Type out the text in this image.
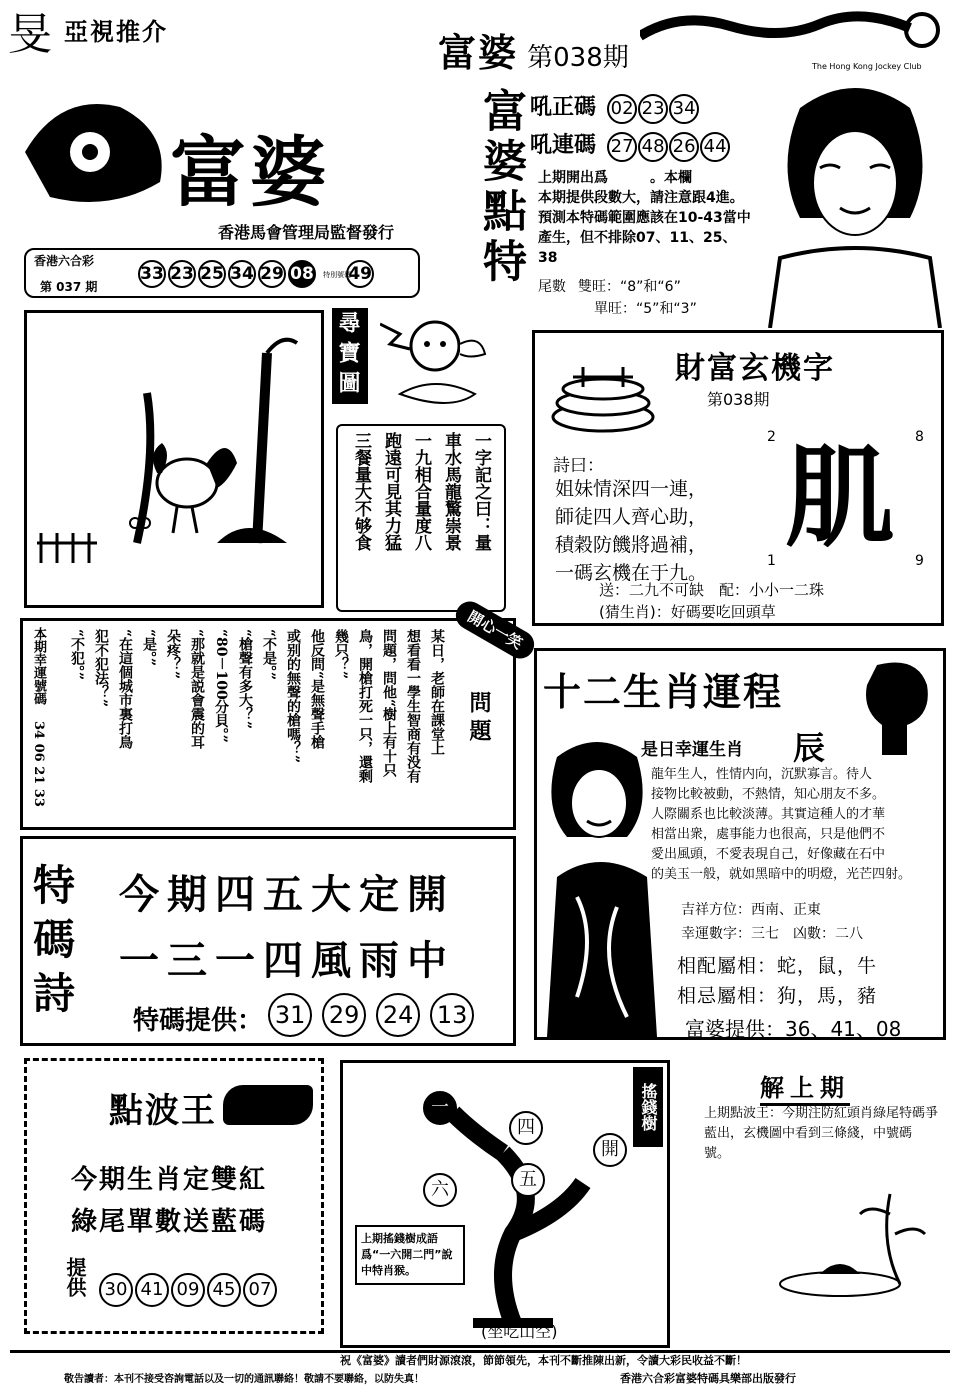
旻 亞視推介	富婆 第038期	The Hong Kong Jockey Club
富婆
香港馬會管理局監督發行
香港六合彩
第 037 期
33 23 25 34 29 08 特別號碼 49 富婆點特 吼正碼 02 23 34
吼連碼 27 48 26 44
上期開出爲　　　。本欄
本期提供段數大，請注意跟4進。
預測本特碼範圍應該在10-43當中
產生，但不排除07、11、25、
38
尾數 雙旺：“8”和“6”
單旺：“5”和“3”
尋寶圖
一字記之曰：量
車水馬龍驚崇景
一九相合量度八
跑遠可見其力猛
三餐量大不够食
財富玄機字
第038期
詩曰：
姐妹情深四一連，
師徒四人齊心助，
積穀防饑將過補，
一碼玄機在于九。
2	8
1	9
肌
送：二九不可缺　配：小小一二珠
(猜生肖)：好碼要吃回頭草
本期幸運號碼
34 06 21 33
某日，老師在課堂上
想看看一學生智商有没有
問題，問他“樹上有十只
鳥，開槍打死一只，還剩
幾只？”
他反問“是無聲手槍
或别的無聲的槍嗎？”
“不是。”
“槍聲有多大？”
“80－100分貝。”
“那就是説會震的耳
朵疼？”
“是。”
“在這個城市裏打鳥
犯不犯法？”
“不犯。”
問題
開心一笑
十二生肖運程
是日幸運生肖 辰
龍年生人，性情内向，沉默寡言。待人
接物比較被動，不熱情，知心朋友不多。
人際關系也比較淡薄。其實這種人的才華
相當出衆，處事能力也很高，只是他們不
愛出風頭，不愛表現自己，好像藏在石中
的美玉一般，就如黑暗中的明燈，光芒四射。
吉祥方位：西南、正東
幸運數字：三七　凶數：二八
相配屬相：蛇，鼠，牛
相忌屬相：狗，馬，豬
富婆提供：36、41、08
特碼詩
今期四五大定開
一三一四風雨中
特碼提供： 31 29 24 13
點波王
今期生肖定雙紅
綠尾單數送藍碼
提供 30 41 09 45 07
搖錢樹
一
四
開
六	五
上期搖錢樹成語爲“一六開二門”說中特肖猴。
(坐吃山空)
解上期
上期點波王：今期注防紅頭肖綠尾特碼爭藍出，玄機圖中看到三條綫，中號碼　號。
祝《富婆》讀者們財源滾滾，節節領先，本刊不斷推陳出新，令讀大彩民收益不斷！
敬告讀者：本刊不接受咨詢電話以及一切的通訊聯絡！敬請不要聯絡，以防失真！	香港六合彩富婆特碼具樂部出版發行
